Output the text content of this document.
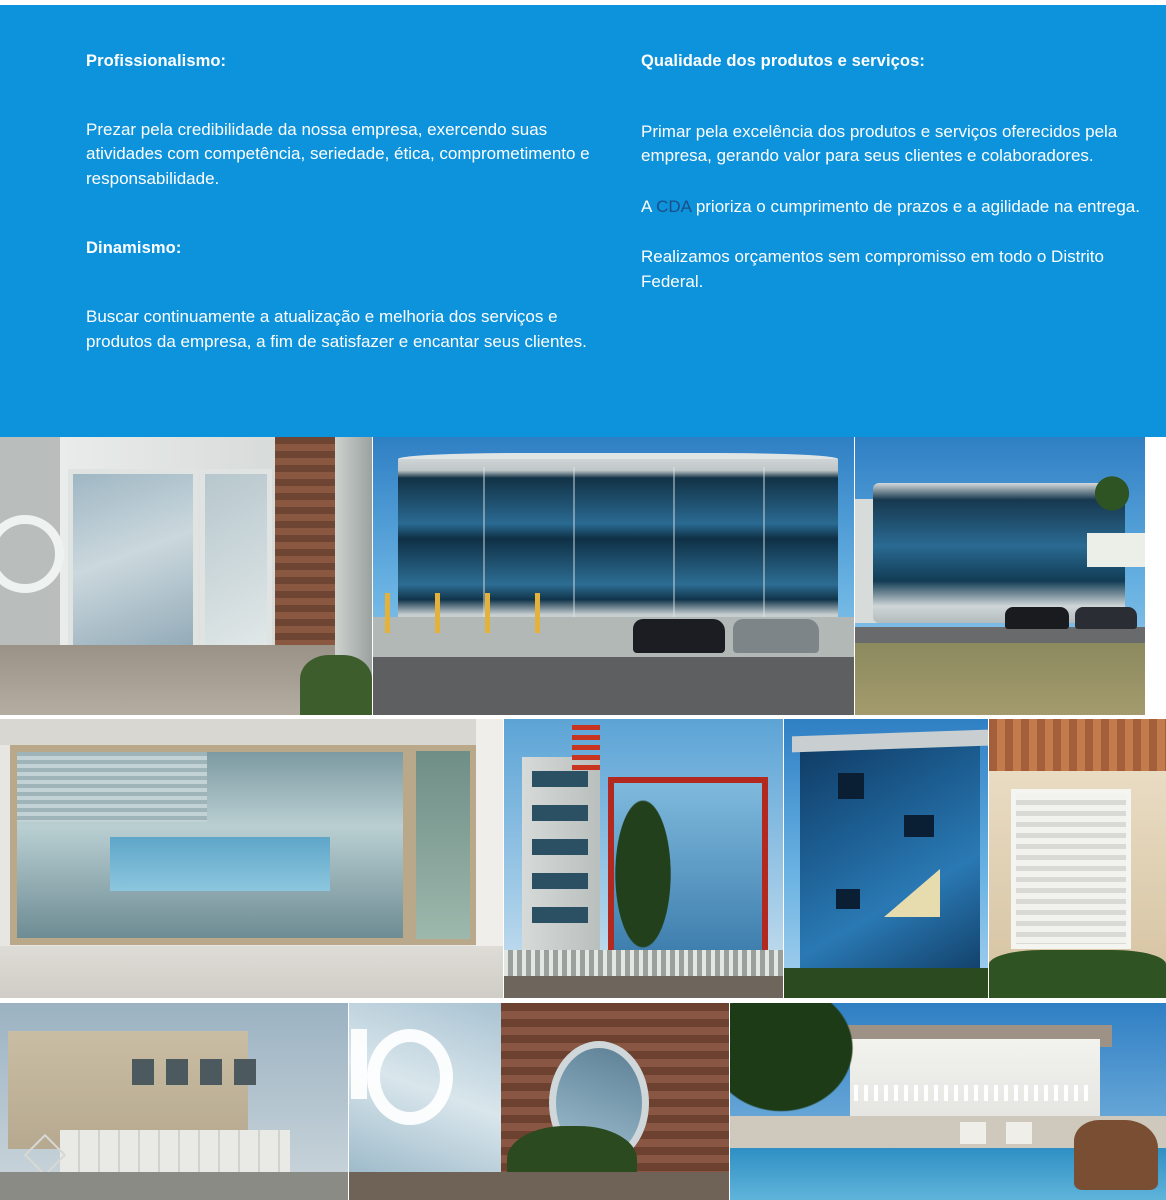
Profissionalismo:

Prezar pela credibilidade da nossa empresa, exercendo suas atividades com competência, seriedade, ética, comprometimento e responsabilidade.

Dinamismo:

Buscar continuamente a atualização e melhoria dos serviços e produtos da empresa, a fim de satisfazer e encantar seus clientes.

Qualidade dos produtos e serviços:

Primar pela excelência dos produtos e serviços oferecidos pela empresa, gerando valor para seus clientes e colaboradores.

A CDA prioriza o cumprimento de prazos e a agilidade na entrega.

Realizamos orçamentos sem compromisso em todo o Distrito Federal.
